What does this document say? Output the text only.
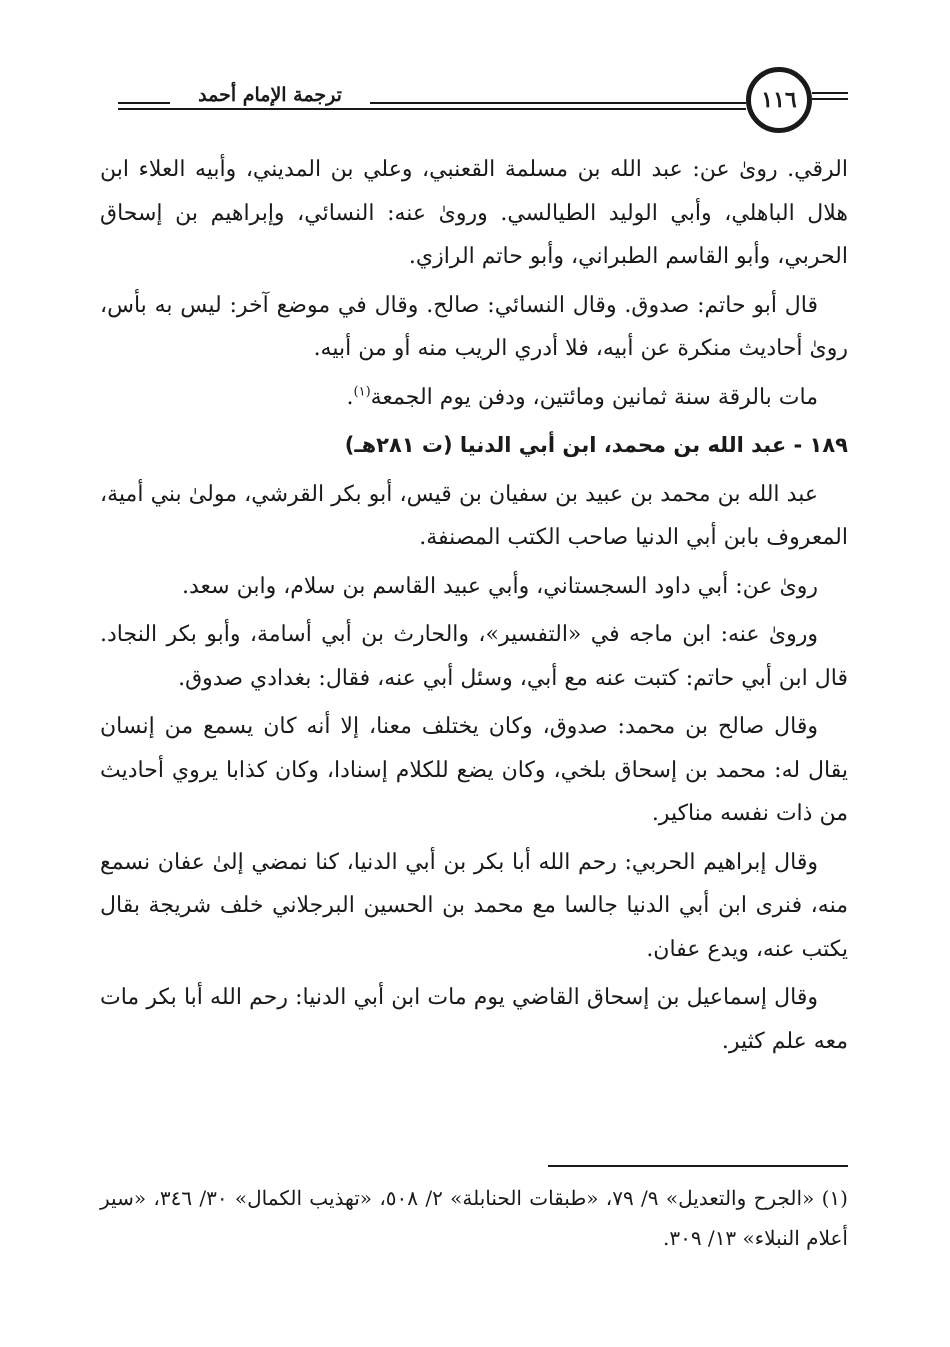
ترجمة الإمام أحمد	١١٦

الرقي. روىٰ عن: عبد الله بن مسلمة القعنبي، وعلي بن المديني، وأبيه العلاء ابن هلال الباهلي، وأبي الوليد الطيالسي. وروىٰ عنه: النسائي، وإبراهيم بن إسحاق الحربي، وأبو القاسم الطبراني، وأبو حاتم الرازي.

قال أبو حاتم: صدوق. وقال النسائي: صالح. وقال في موضع آخر: ليس به بأس، روىٰ أحاديث منكرة عن أبيه، فلا أدري الريب منه أو من أبيه.

مات بالرقة سنة ثمانين ومائتين، ودفن يوم الجمعة$^{(١)}$.

١٨٩ - عبد الله بن محمد، ابن أبي الدنيا (ت ٢٨١هـ)

عبد الله بن محمد بن عبيد بن سفيان بن قيس، أبو بكر القرشي، مولىٰ بني أمية، المعروف بابن أبي الدنيا صاحب الكتب المصنفة.

روىٰ عن: أبي داود السجستاني، وأبي عبيد القاسم بن سلام، وابن سعد.

وروىٰ عنه: ابن ماجه في «التفسير»، والحارث بن أبي أسامة، وأبو بكر النجاد. قال ابن أبي حاتم: كتبت عنه مع أبي، وسئل أبي عنه، فقال: بغدادي صدوق.

وقال صالح بن محمد: صدوق، وكان يختلف معنا، إلا أنه كان يسمع من إنسان يقال له: محمد بن إسحاق بلخي، وكان يضع للكلام إسنادا، وكان كذابا يروي أحاديث من ذات نفسه مناكير.

وقال إبراهيم الحربي: رحم الله أبا بكر بن أبي الدنيا، كنا نمضي إلىٰ عفان نسمع منه، فنرى ابن أبي الدنيا جالسا مع محمد بن الحسين البرجلاني خلف شريجة بقال يكتب عنه، ويدع عفان.

وقال إسماعيل بن إسحاق القاضي يوم مات ابن أبي الدنيا: رحم الله أبا بكر مات معه علم كثير.

(١) «الجرح والتعديل» ٩/ ٧٩، «طبقات الحنابلة» ٢/ ٥٠٨، «تهذيب الكمال» ٣٠/ ٣٤٦، «سير أعلام النبلاء» ١٣/ ٣٠٩.
